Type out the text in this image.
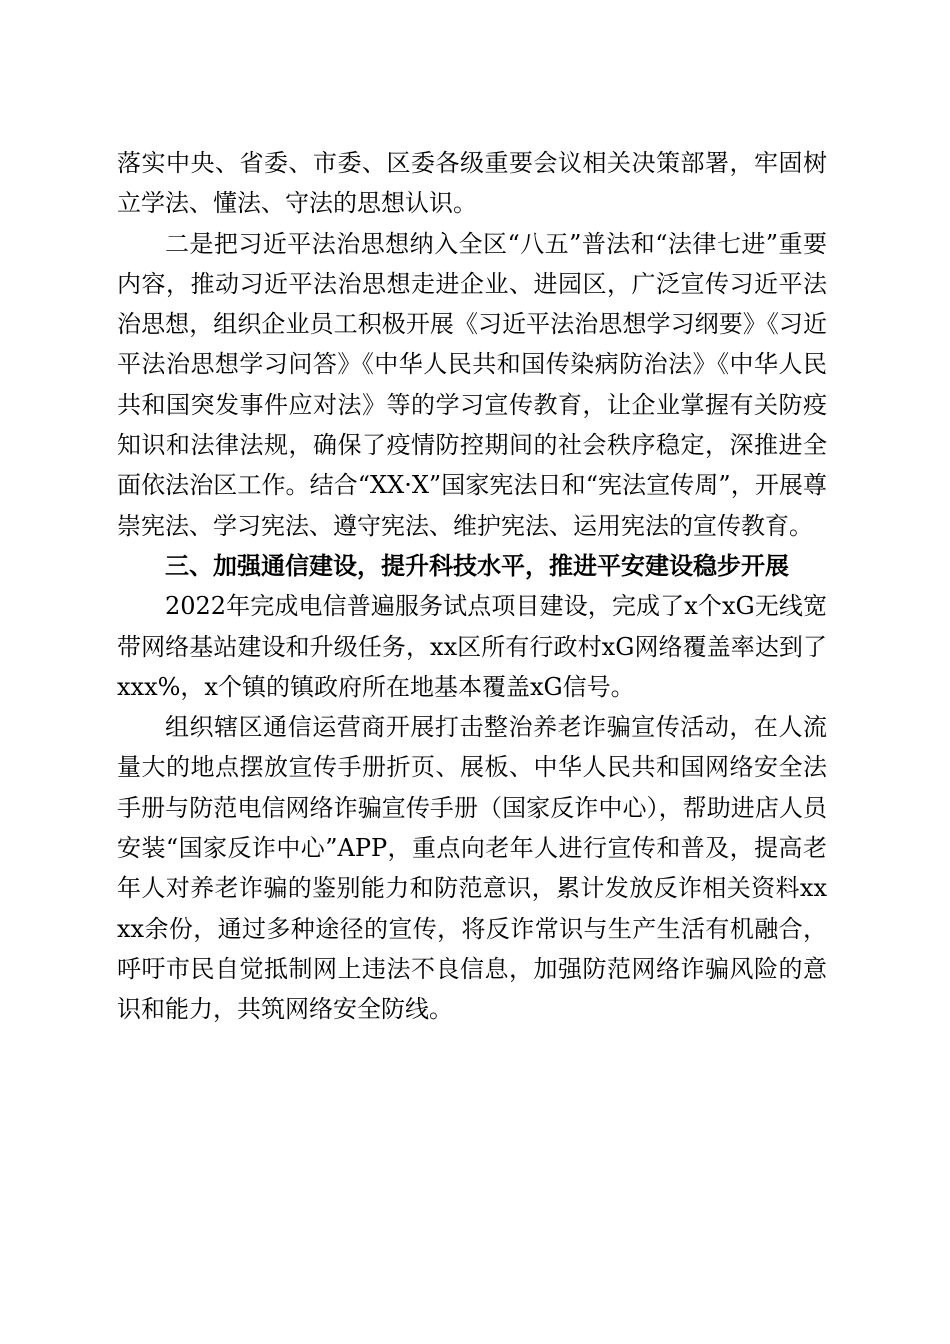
落实中央、省委、市委、区委各级重要会议相关决策部署，牢固树立学法、懂法、守法的思想认识。

二是把习近平法治思想纳入全区“八五”普法和“法律七进”重要内容，推动习近平法治思想走进企业、进园区，广泛宣传习近平法治思想，组织企业员工积极开展《习近平法治思想学习纲要》《习近平法治思想学习问答》《中华人民共和国传染病防治法》《中华人民共和国突发事件应对法》等的学习宣传教育，让企业掌握有关防疫知识和法律法规，确保了疫情防控期间的社会秩序稳定，深推进全面依法治区工作。结合“XX·X”国家宪法日和“宪法宣传周”，开展尊崇宪法、学习宪法、遵守宪法、维护宪法、运用宪法的宣传教育。

三、加强通信建设，提升科技水平，推进平安建设稳步开展

2022年完成电信普遍服务试点项目建设，完成了x个xG无线宽带网络基站建设和升级任务，xx区所有行政村xG网络覆盖率达到了xxx%，x个镇的镇政府所在地基本覆盖xG信号。

组织辖区通信运营商开展打击整治养老诈骗宣传活动，在人流量大的地点摆放宣传手册折页、展板、中华人民共和国网络安全法手册与防范电信网络诈骗宣传手册（国家反诈中心），帮助进店人员安装“国家反诈中心”APP，重点向老年人进行宣传和普及，提高老年人对养老诈骗的鉴别能力和防范意识，累计发放反诈相关资料xxxx余份，通过多种途径的宣传，将反诈常识与生产生活有机融合，呼吁市民自觉抵制网上违法不良信息，加强防范网络诈骗风险的意识和能力，共筑网络安全防线。
